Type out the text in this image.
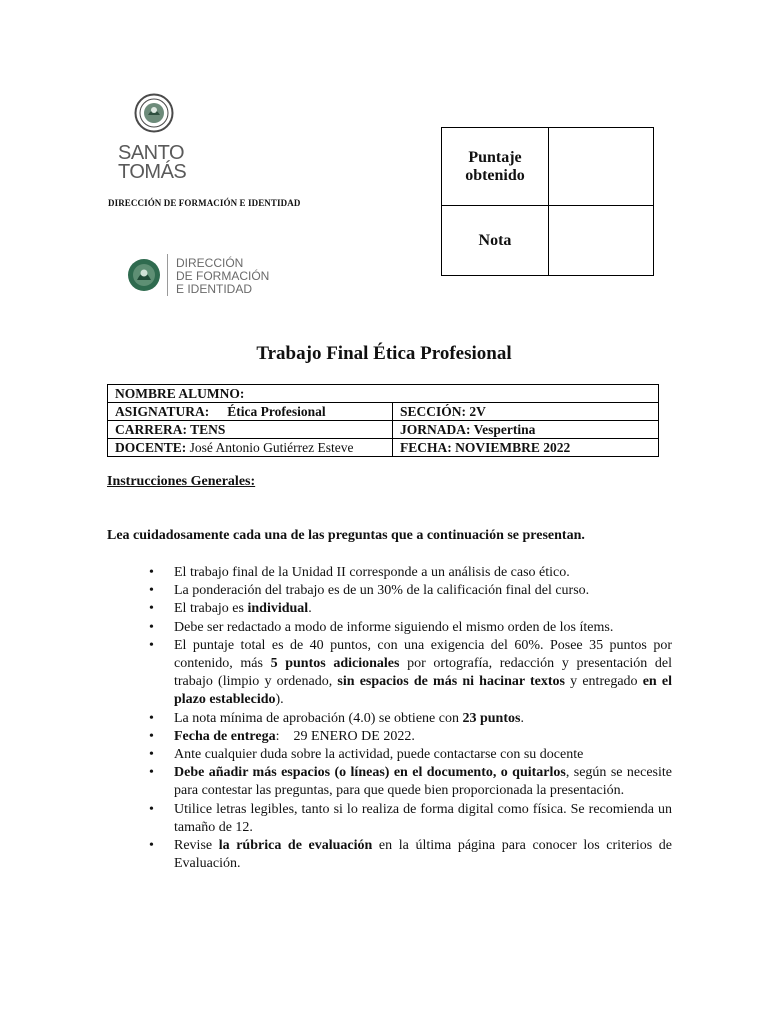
SANTO
TOMÁS
DIRECCIÓN DE FORMACIÓN E IDENTIDAD
DIRECCIÓN
DE FORMACIÓN
E IDENTIDAD
Puntaje
obtenido	
Nota	
Trabajo Final Ética Profesional
NOMBRE ALUMNO:	
ASIGNATURA: Ética Profesional	SECCIÓN: 2V
CARRERA: TENS	JORNADA: Vespertina
DOCENTE: José Antonio Gutiérrez Esteve	FECHA: NOVIEMBRE 2022
Instrucciones Generales:
Lea cuidadosamente cada una de las preguntas que a continuación se presentan.
• El trabajo final de la Unidad II corresponde a un análisis de caso ético.
• La ponderación del trabajo es de un 30% de la calificación final del curso.
• El trabajo es individual.
• Debe ser redactado a modo de informe siguiendo el mismo orden de los ítems.
• El puntaje total es de 40 puntos, con una exigencia del 60%. Posee 35 puntos por contenido, más 5 puntos adicionales por ortografía, redacción y presentación del trabajo (limpio y ordenado, sin espacios de más ni hacinar textos y entregado en el plazo establecido).
• La nota mínima de aprobación (4.0) se obtiene con 23 puntos.
• Fecha de entrega:    29 ENERO DE 2022.
• Ante cualquier duda sobre la actividad, puede contactarse con su docente
• Debe añadir más espacios (o líneas) en el documento, o quitarlos, según se necesite para contestar las preguntas, para que quede bien proporcionada la presentación.
• Utilice letras legibles, tanto si lo realiza de forma digital como física. Se recomienda un tamaño de 12.
• Revise la rúbrica de evaluación en la última página para conocer los criterios de Evaluación.
